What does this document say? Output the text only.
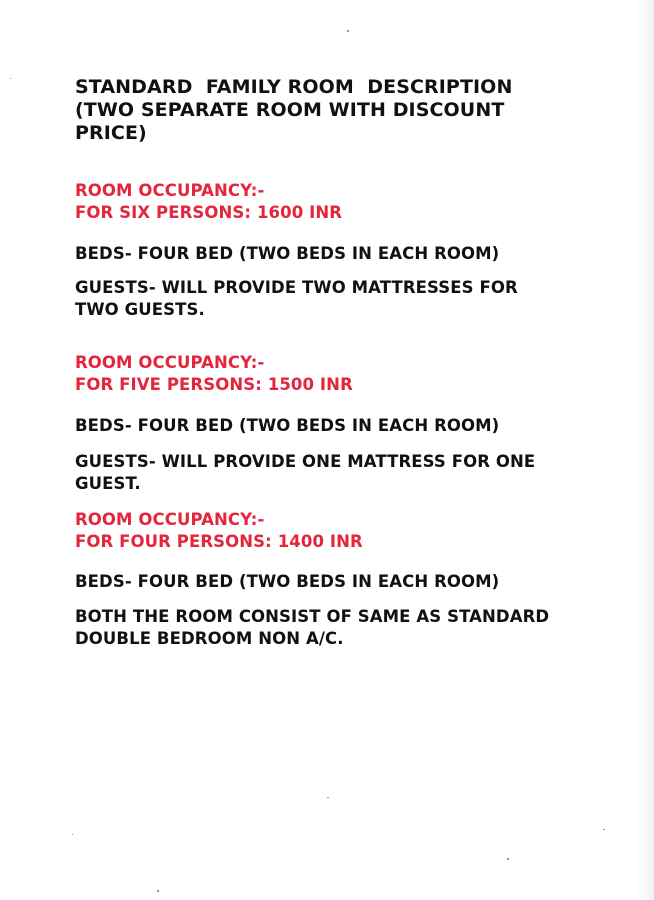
STANDARD  FAMILY ROOM  DESCRIPTION
(TWO SEPARATE ROOM WITH DISCOUNT
PRICE)
ROOM OCCUPANCY:-
FOR SIX PERSONS: 1600 INR
BEDS- FOUR BED (TWO BEDS IN EACH ROOM)
GUESTS- WILL PROVIDE TWO MATTRESSES FOR
TWO GUESTS.
ROOM OCCUPANCY:-
FOR FIVE PERSONS: 1500 INR
BEDS- FOUR BED (TWO BEDS IN EACH ROOM)
GUESTS- WILL PROVIDE ONE MATTRESS FOR ONE
GUEST.
ROOM OCCUPANCY:-
FOR FOUR PERSONS: 1400 INR
BEDS- FOUR BED (TWO BEDS IN EACH ROOM)
BOTH THE ROOM CONSIST OF SAME AS STANDARD
DOUBLE BEDROOM NON A/C.
